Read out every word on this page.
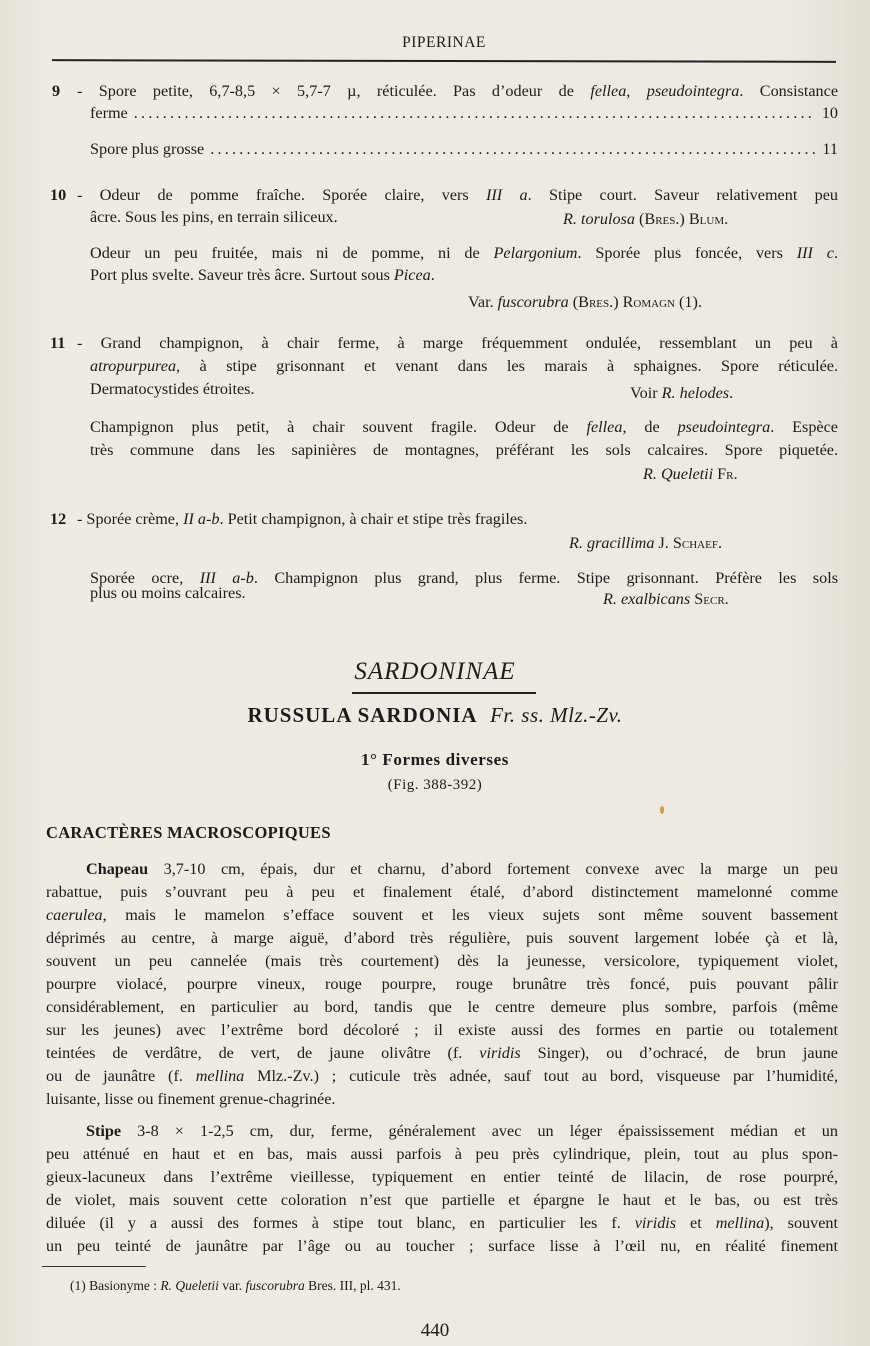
PIPERINAE
9 - Spore petite, 6,7-8,5 × 5,7-7 µ, réticulée. Pas d’odeur de fellea, pseudointegra. Consistance
ferme .....	10
Spore plus grosse .....	11
10 - Odeur de pomme fraîche. Sporée claire, vers III a. Stipe court. Saveur relativement peu
âcre. Sous les pins, en terrain siliceux.	R. torulosa (Bres.) Blum.
Odeur un peu fruitée, mais ni de pomme, ni de Pelargonium. Sporée plus foncée, vers III c.
Port plus svelte. Saveur très âcre. Surtout sous Picea.
Var. fuscorubra (Bres.) Romagn (1).
11 - Grand champignon, à chair ferme, à marge fréquemment ondulée, ressemblant un peu à
atropurpurea, à stipe grisonnant et venant dans les marais à sphaignes. Spore réticulée.
Dermatocystides étroites.	Voir R. helodes.
Champignon plus petit, à chair souvent fragile. Odeur de fellea, de pseudointegra. Espèce
très commune dans les sapinières de montagnes, préférant les sols calcaires. Spore piquetée.
R. Queletii Fr.
12 - Sporée crème, II a-b. Petit champignon, à chair et stipe très fragiles.
R. gracillima J. Schaef.
Sporée ocre, III a-b. Champignon plus grand, plus ferme. Stipe grisonnant. Préfère les sols
plus ou moins calcaires.	R. exalbicans Secr.
SARDONINAE
RUSSULA SARDONIA Fr. ss. Mlz.-Zv.
1° Formes diverses
(Fig. 388-392)
CARACTÈRES MACROSCOPIQUES
Chapeau 3,7-10 cm, épais, dur et charnu, d’abord fortement convexe avec la marge un peu
rabattue, puis s’ouvrant peu à peu et finalement étalé, d’abord distinctement mamelonné comme
caerulea, mais le mamelon s’efface souvent et les vieux sujets sont même souvent bassement
déprimés au centre, à marge aiguë, d’abord très régulière, puis souvent largement lobée çà et là,
souvent un peu cannelée (mais très courtement) dès la jeunesse, versicolore, typiquement violet,
pourpre violacé, pourpre vineux, rouge pourpre, rouge brunâtre très foncé, puis pouvant pâlir
considérablement, en particulier au bord, tandis que le centre demeure plus sombre, parfois (même
sur les jeunes) avec l’extrême bord décoloré ; il existe aussi des formes en partie ou totalement
teintées de verdâtre, de vert, de jaune olivâtre (f. viridis Singer), ou d’ochracé, de brun jaune
ou de jaunâtre (f. mellina Mlz.-Zv.) ; cuticule très adnée, sauf tout au bord, visqueuse par l’humidité,
luisante, lisse ou finement grenue-chagrinée.
Stipe 3-8 × 1-2,5 cm, dur, ferme, généralement avec un léger épaississement médian et un
peu atténué en haut et en bas, mais aussi parfois à peu près cylindrique, plein, tout au plus spon-
gieux-lacuneux dans l’extrême vieillesse, typiquement en entier teinté de lilacin, de rose pourpré,
de violet, mais souvent cette coloration n’est que partielle et épargne le haut et le bas, ou est très
diluée (il y a aussi des formes à stipe tout blanc, en particulier les f. viridis et mellina), souvent
un peu teinté de jaunâtre par l’âge ou au toucher ; surface lisse à l’œil nu, en réalité finement
(1) Basionyme : R. Queletii var. fuscorubra Bres. III, pl. 431.
440
